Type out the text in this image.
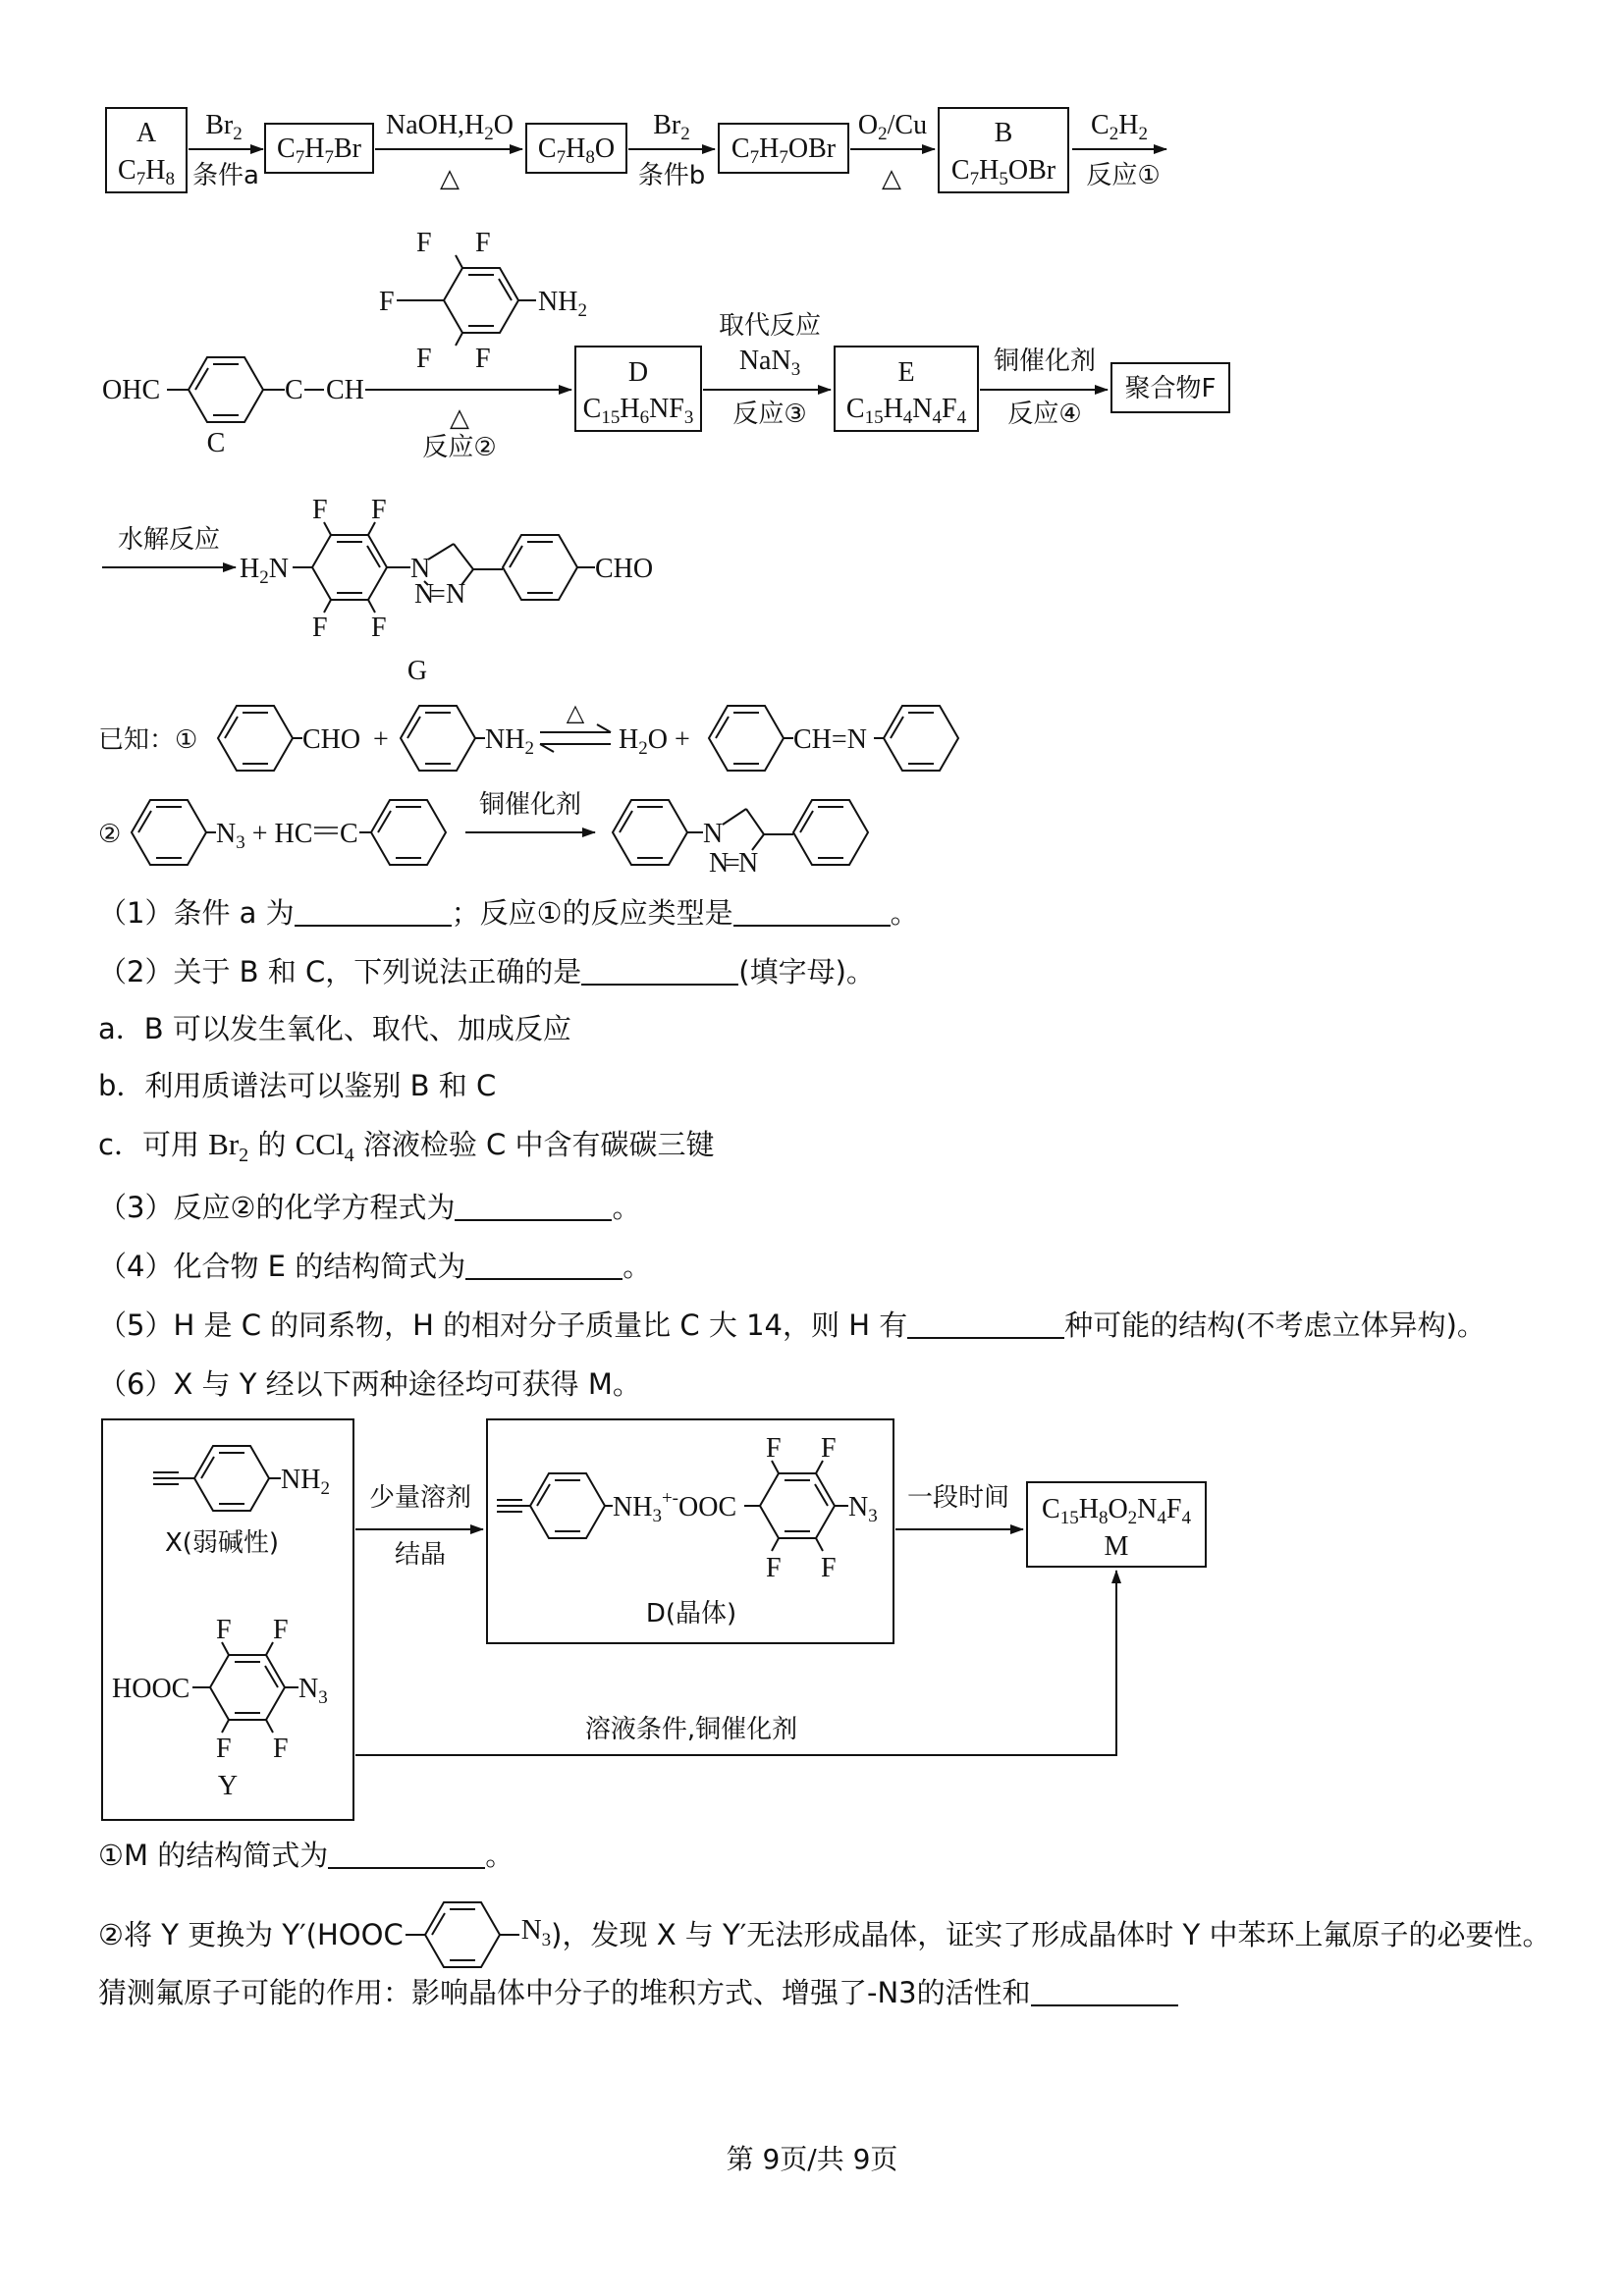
A
$C_7H_8$
$Br_2$
条件a
$C_7H_7Br$
$NaOH,H_2O$
△
$C_7H_8O$
$Br_2$
条件b
$C_7H_7OBr$
$O_2/Cu$
△
B
$C_7H_5OBr$
$C_2H_2$
反应①
OHC	C CH
C
$NH_2$
F
F F
F F
△
反应②
D
$C_{15}H_6NF_3$
取代反应
NaN$_3$
反应③
E
$C_{15}H_4N_4F_4$
铜催化剂
反应④
聚合物F
水解反应
$H_2N$
F F
F F
N
N
= N
CHO
G
已知：①	CHO +	$NH_2$
△
$H_2O$ +	CH=N
②	$N_3$ + HC C
铜催化剂
N
N
=
N
（1）条件 a 为	；反应①的反应类型是	。
（2）关于 B 和 C，下列说法正确的是	(填字母)。
a．B 可以发生氧化、取代、加成反应
b．利用质谱法可以鉴别 B 和 C
c．可用 $Br_2$ 的 CCl$_4$ 溶液检验 C 中含有碳碳三键
（3）反应②的化学方程式为	。
（4）化合物 E 的结构简式为	。
（5）H 是 C 的同系物，H 的相对分子质量比 C 大 14，则 H 有	种可能的结构(不考虑立体异构)。
（6）X 与 Y 经以下两种途径均可获得 M。
$NH_2$
X(弱碱性)
HOOC
F F
F F
$N_3$
Y
少量溶剂
结晶
$NH_3^{+-}OOC$
F F
F F
$N_3$
D(晶体)
一段时间 $C_{15}H_8O_2N_4F_4$
M
溶液条件,铜催化剂
①M 的结构简式为	。
②将 Y 更换为 Y′(HOOC	$N_3$ )，发现 X 与 Y′无法形成晶体，证实了形成晶体时 Y 中苯环上氟原子的必要性。
猜测氟原子可能的作用：影响晶体中分子的堆积方式、增强了-N3的活性和
第 9页/共 9页
